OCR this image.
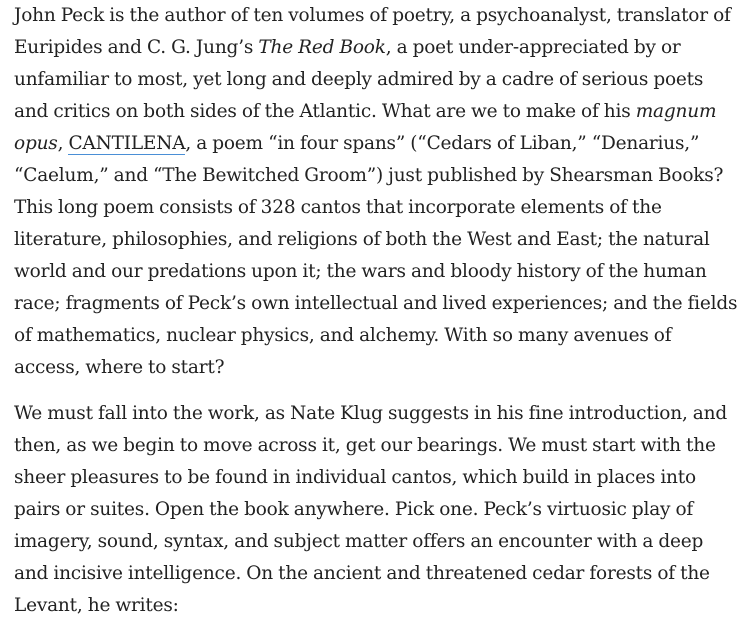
John Peck is the author of ten volumes of poetry, a psychoanalyst, translator of
Euripides and C. G. Jung’s The Red Book, a poet under-appreciated by or
unfamiliar to most, yet long and deeply admired by a cadre of serious poets
and critics on both sides of the Atlantic. What are we to make of his magnum
opus, CANTILENA, a poem “in four spans” (“Cedars of Liban,” “Denarius,”
“Caelum,” and “The Bewitched Groom”) just published by Shearsman Books?
This long poem consists of 328 cantos that incorporate elements of the
literature, philosophies, and religions of both the West and East; the natural
world and our predations upon it; the wars and bloody history of the human
race; fragments of Peck’s own intellectual and lived experiences; and the fields
of mathematics, nuclear physics, and alchemy. With so many avenues of
access, where to start?

We must fall into the work, as Nate Klug suggests in his fine introduction, and
then, as we begin to move across it, get our bearings. We must start with the
sheer pleasures to be found in individual cantos, which build in places into
pairs or suites. Open the book anywhere. Pick one. Peck’s virtuosic play of
imagery, sound, syntax, and subject matter offers an encounter with a deep
and incisive intelligence. On the ancient and threatened cedar forests of the
Levant, he writes:
